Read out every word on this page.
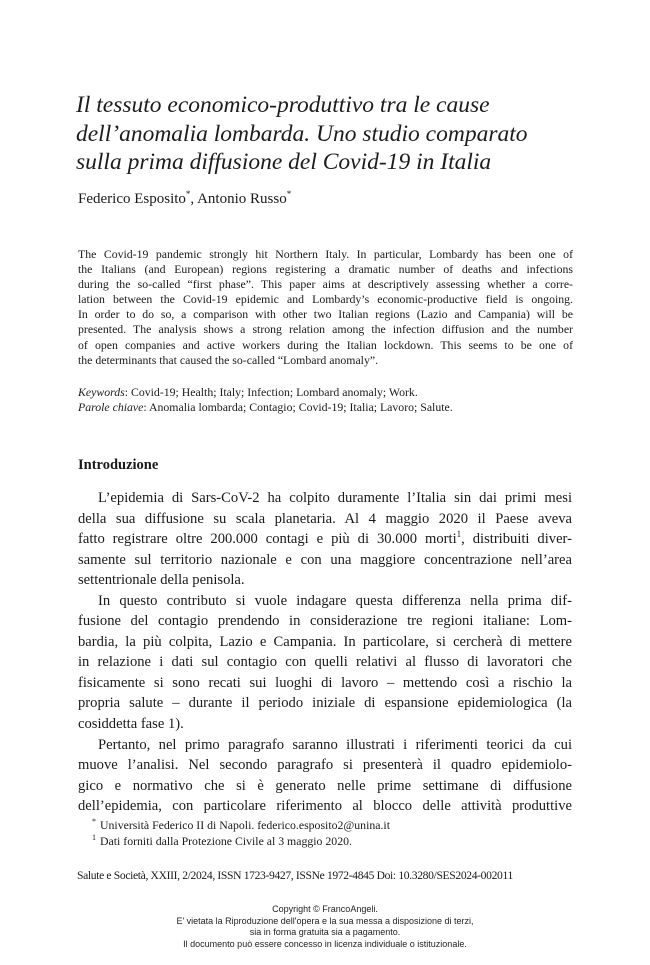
Il tessuto economico-produttivo tra le cause
dell’anomalia lombarda. Uno studio comparato
sulla prima diffusione del Covid-19 in Italia
Federico Esposito*, Antonio Russo*
The Covid-19 pandemic strongly hit Northern Italy. In particular, Lombardy has been one of
the Italians (and European) regions registering a dramatic number of deaths and infections
during the so-called “first phase”. This paper aims at descriptively assessing whether a corre-
lation between the Covid-19 epidemic and Lombardy’s economic-productive field is ongoing.
In order to do so, a comparison with other two Italian regions (Lazio and Campania) will be
presented. The analysis shows a strong relation among the infection diffusion and the number
of open companies and active workers during the Italian lockdown. This seems to be one of
the determinants that caused the so-called “Lombard anomaly”.
Keywords: Covid-19; Health; Italy; Infection; Lombard anomaly; Work.
Parole chiave: Anomalia lombarda; Contagio; Covid-19; Italia; Lavoro; Salute.
Introduzione
L’epidemia di Sars-CoV-2 ha colpito duramente l’Italia sin dai primi mesi
della sua diffusione su scala planetaria. Al 4 maggio 2020 il Paese aveva
fatto registrare oltre 200.000 contagi e più di 30.000 morti$^1$, distribuiti diver-
samente sul territorio nazionale e con una maggiore concentrazione nell’area
settentrionale della penisola.
In questo contributo si vuole indagare questa differenza nella prima dif-
fusione del contagio prendendo in considerazione tre regioni italiane: Lom-
bardia, la più colpita, Lazio e Campania. In particolare, si cercherà di mettere
in relazione i dati sul contagio con quelli relativi al flusso di lavoratori che
fisicamente si sono recati sui luoghi di lavoro – mettendo così a rischio la
propria salute – durante il periodo iniziale di espansione epidemiologica (la
cosiddetta fase 1).
Pertanto, nel primo paragrafo saranno illustrati i riferimenti teorici da cui
muove l’analisi. Nel secondo paragrafo si presenterà il quadro epidemiolo-
gico e normativo che si è generato nelle prime settimane di diffusione
dell’epidemia, con particolare riferimento al blocco delle attività produttive
* Università Federico II di Napoli. federico.esposito2@unina.it
$^1$ Dati forniti dalla Protezione Civile al 3 maggio 2020.
Salute e Società, XXIII, 2/2024, ISSN 1723-9427, ISSNe 1972-4845 Doi: 10.3280/SES2024-002011
Copyright © FrancoAngeli.
E' vietata la Riproduzione dell'opera e la sua messa a disposizione di terzi,
sia in forma gratuita sia a pagamento.
Il documento può essere concesso in licenza individuale o istituzionale.
